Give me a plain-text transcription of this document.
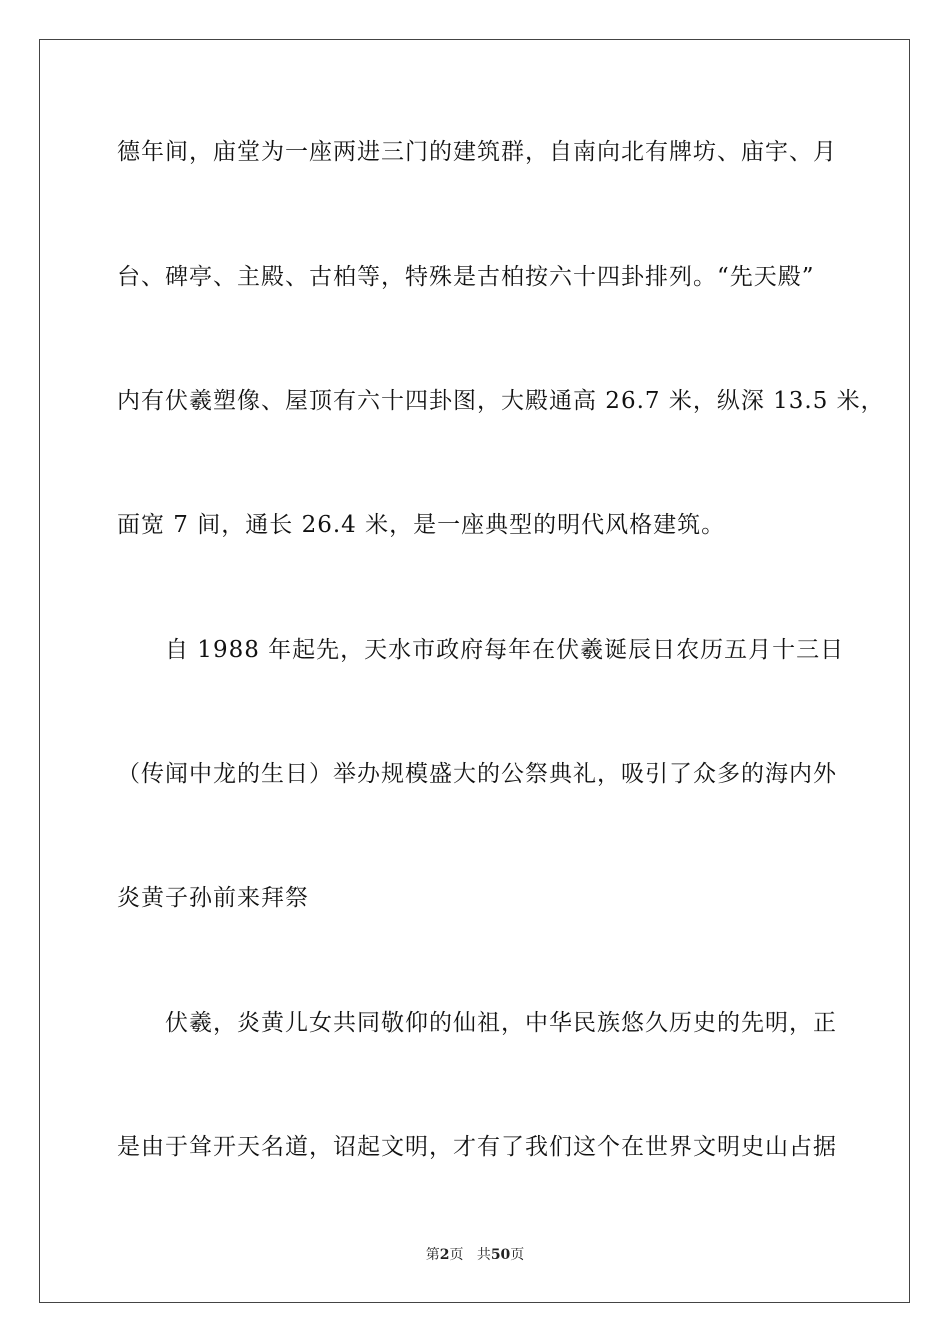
德年间，庙堂为一座两进三门的建筑群，自南向北有牌坊、庙宇、月
台、碑亭、主殿、古柏等，特殊是古柏按六十四卦排列。“先天殿”
内有伏羲塑像、屋顶有六十四卦图，大殿通高 26.7 米，纵深 13.5 米，
面宽 7 间，通长 26.4 米，是一座典型的明代风格建筑。
自 1988 年起先，天水市政府每年在伏羲诞辰日农历五月十三日
（传闻中龙的生日）举办规模盛大的公祭典礼，吸引了众多的海内外
炎黄子孙前来拜祭
伏羲，炎黄儿女共同敬仰的仙祖，中华民族悠久历史的先明，正
是由于耸开天名道，诏起文明，才有了我们这个在世界文明史山占据
第2页 共50页
